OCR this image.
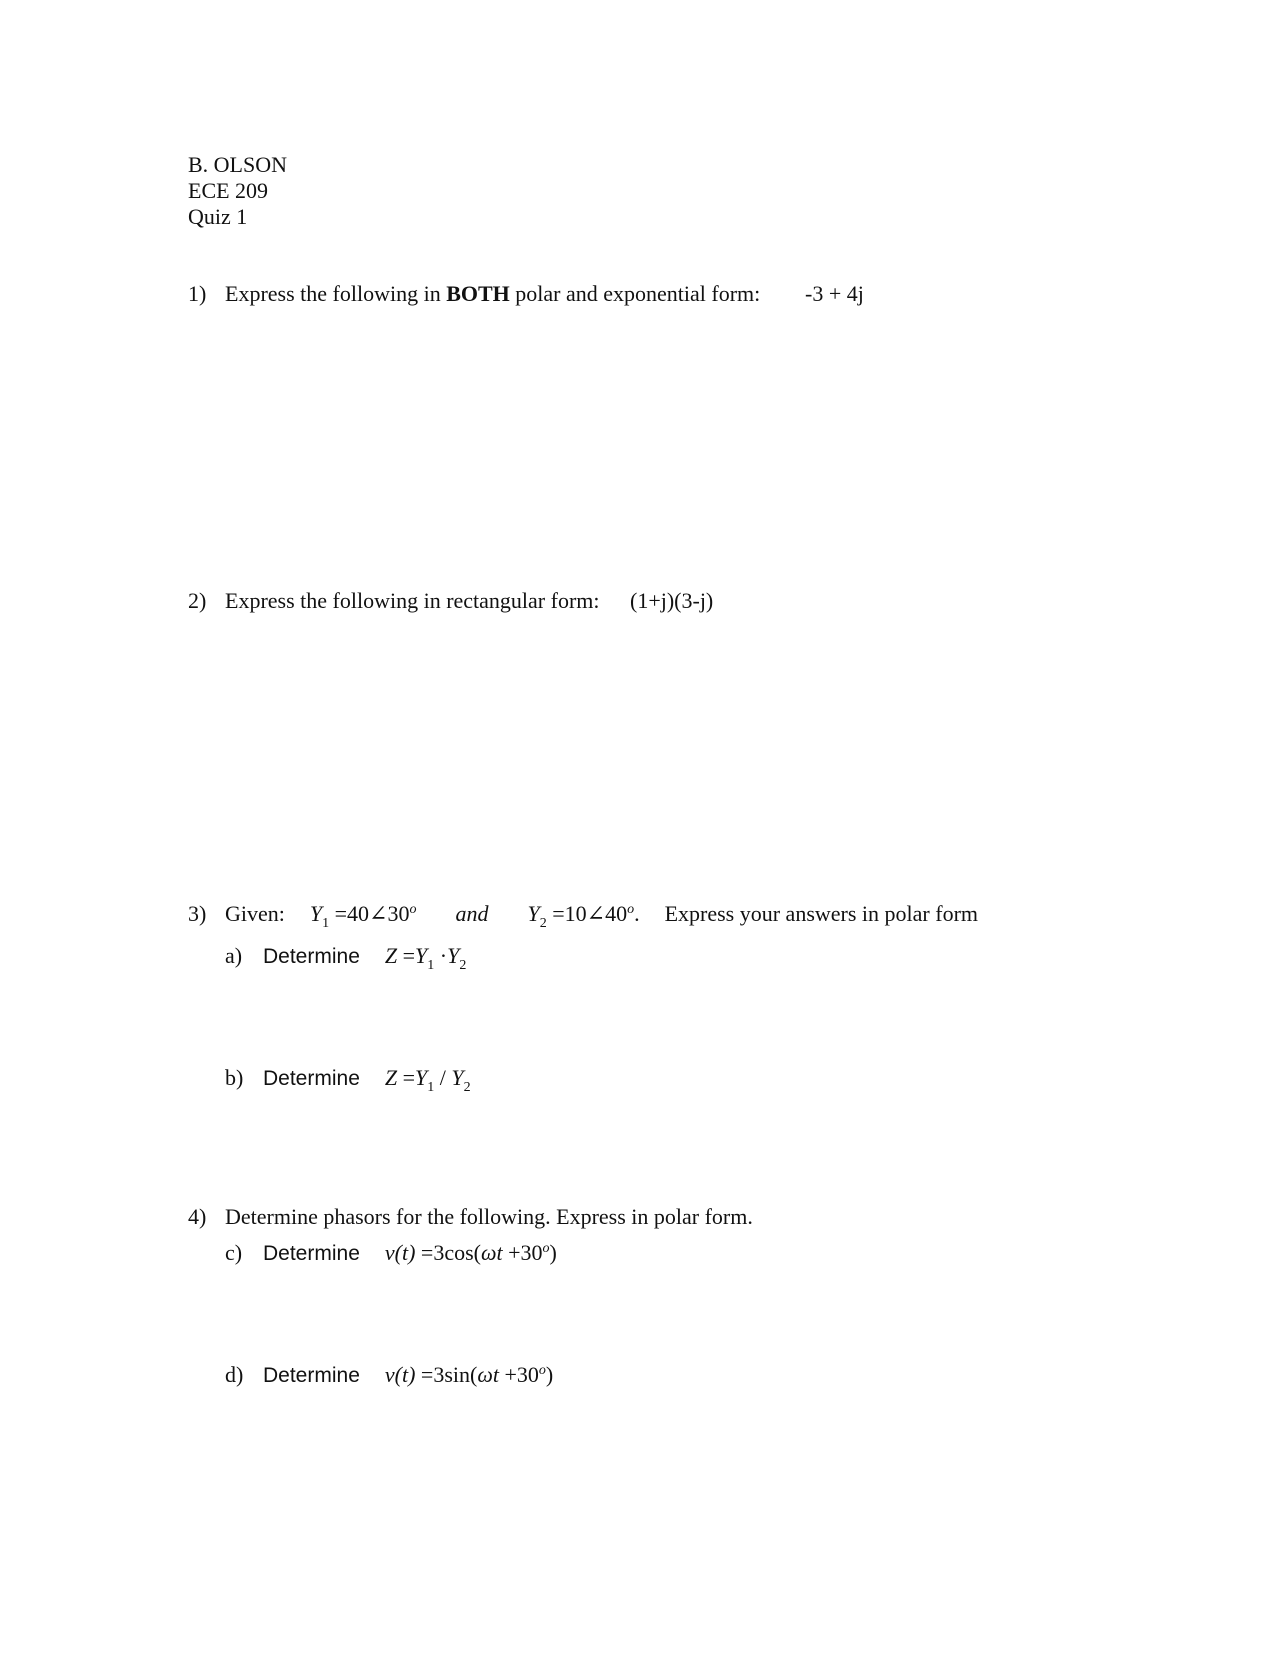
B. OLSON
ECE 209
Quiz 1
1) Express the following in BOTH polar and exponential form: -3 + 4j
2) Express the following in rectangular form: (1+j)(3-j)
3) Given: $Y_1$ $=40\angle 30^o$ and $Y_2$ $=10\angle 40^o$. Express your answers in polar form
a) Determine $Z =Y_1 \cdot Y_2$
b) Determine $Z =Y_1 / Y_2$
4) Determine phasors for the following. Express in polar form.
c) Determine $v(t) =3\cos(\omega t +30^o)$
d) Determine $v(t) =3\sin(\omega t +30^o)$
